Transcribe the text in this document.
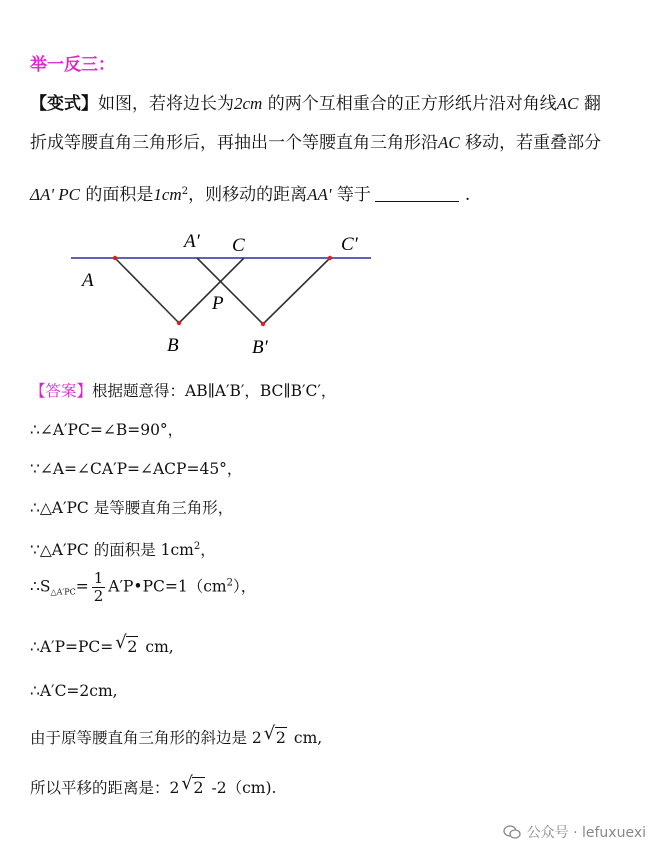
举一反三：
【变式】如图，若将边长为2cm 的两个互相重合的正方形纸片沿对角线AC 翻
折成等腰直角三角形后，再抽出一个等腰直角三角形沿AC 移动，若重叠部分
ΔA' PC 的面积是$1cm^2$，则移动的距离AA' 等于	.
A
A′ C	C′
P
B	B′
【答案】根据题意得：AB∥A′B′，BC∥B′C′，
∴∠A′PC=∠B=90°，
∵∠A=∠CA′P=∠ACP=45°，
∴△A′PC 是等腰直角三角形，
∵△A′PC 的面积是 $1cm^2$，
$\therefore S_{\triangle A'PC}= \frac{1}{2}$ $A'P•PC=1(cm^2)$，
∴A′P=PC= √ 2 cm,
∴A′C=2cm,
由于原等腰直角三角形的斜边是 2 √ 2 cm,
所以平移的距离是：2 √ 2 -2（cm).
公众号 · lefuxuexi
